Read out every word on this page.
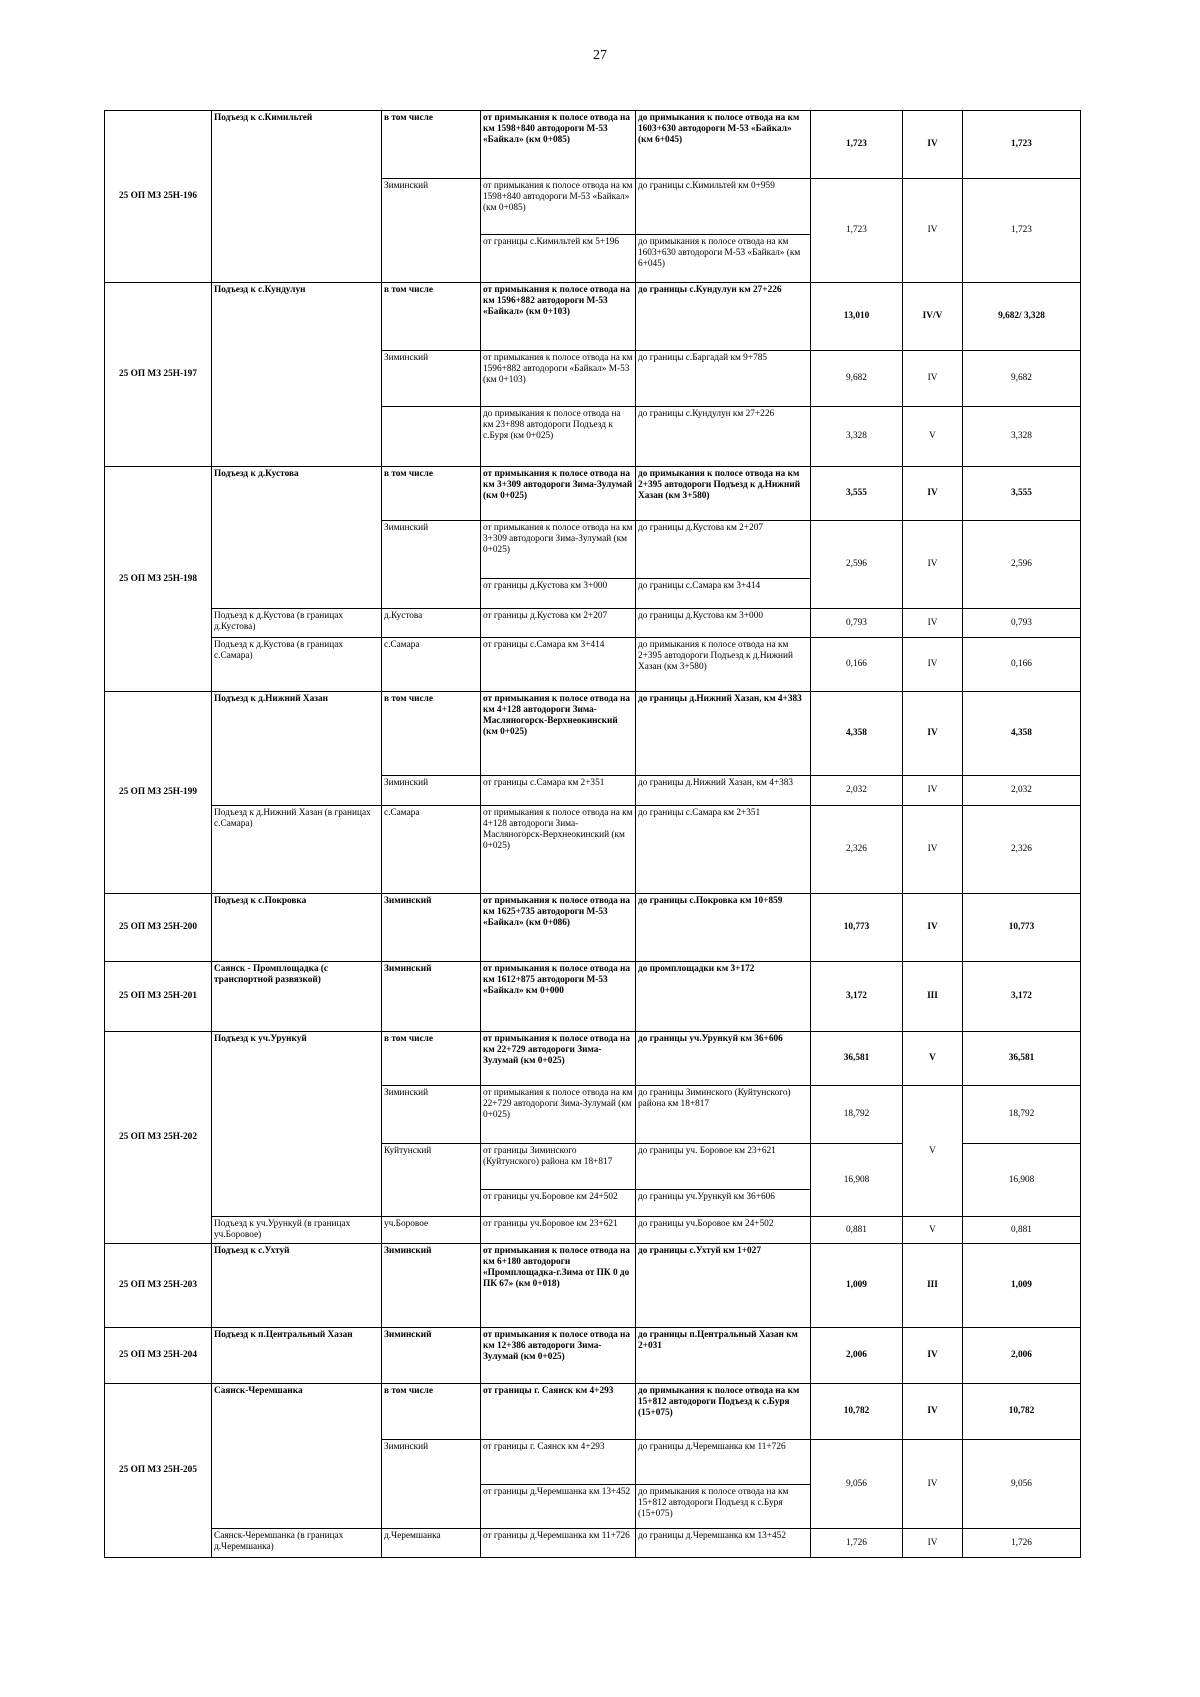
27
25 ОП МЗ 25Н-196	Подъезд к с.Кимильтей	в том числе	от примыкания к полосе отвода на км 1598+840 автодороги М-53 «Байкал» (км 0+085)	до примыкания к полосе отвода на км 1603+630 автодороги М-53 «Байкал» (км 6+045)	1,723	IV	1,723
		Зиминский	от примыкания к полосе отвода на км 1598+840 автодороги М-53 «Байкал» (км 0+085)	до границы с.Кимильтей км 0+959	1,723	IV	1,723
			от границы с.Кимильтей км 5+196	до примыкания к полосе отвода на км 1603+630 автодороги М-53 «Байкал» (км 6+045)			
25 ОП МЗ 25Н-197	Подъезд к с.Кундулун	в том числе	от примыкания к полосе отвода на км 1596+882 автодороги М-53 «Байкал» (км 0+103)	до границы с.Кундулун км 27+226	13,010	IV/V	9,682/ 3,328
		Зиминский	от примыкания к полосе отвода на км 1596+882 автодороги «Байкал» М-53 (км 0+103)	до границы с.Баргадай км 9+785	9,682	IV	9,682
			до примыкания к полосе отвода на км 23+898 автодороги Подъезд к с.Буря (км 0+025)	до границы с.Кундулун км 27+226	3,328	V	3,328
25 ОП МЗ 25Н-198	Подъезд к д.Кустова	в том числе	от примыкания к полосе отвода на км 3+309 автодороги Зима-Зулумай (км 0+025)	до примыкания к полосе отвода на км 2+395 автодороги Подъезд к д.Нижний Хазан (км 3+580)	3,555	IV	3,555
		Зиминский	от примыкания к полосе отвода на км 3+309 автодороги Зима-Зулумай (км 0+025)	до границы д.Кустова км 2+207	2,596	IV	2,596
			от границы д.Кустова км 3+000	до границы с.Самара км 3+414			
	Подъезд к д.Кустова (в границах д.Кустова)	д.Кустова	от границы д.Кустова км 2+207	до границы д.Кустова км 3+000	0,793	IV	0,793
	Подъезд к д.Кустова (в границах с.Самара)	с.Самара	от границы с.Самара км 3+414	до примыкания к полосе отвода на км 2+395 автодороги Подъезд к д.Нижний Хазан (км 3+580)	0,166	IV	0,166
25 ОП МЗ 25Н-199	Подъезд к д.Нижний Хазан	в том числе	от примыкания к полосе отвода на км 4+128 автодороги Зима-Масляногорск-Верхнеокинский (км 0+025)	до границы д.Нижний Хазан, км 4+383	4,358	IV	4,358
		Зиминский	от границы с.Самара км 2+351	до границы д.Нижний Хазан, км 4+383	2,032	IV	2,032
	Подъезд к д.Нижний Хазан (в границах с.Самара)	с.Самара	от примыкания к полосе отвода на км 4+128 автодороги Зима-Масляногорск-Верхнеокинский (км 0+025)	до границы с.Самара км 2+351	2,326	IV	2,326
25 ОП МЗ 25Н-200	Подъезд к с.Покровка	Зиминский	от примыкания к полосе отвода на км 1625+735 автодороги М-53 «Байкал» (км 0+086)	до границы с.Покровка км 10+859	10,773	IV	10,773
25 ОП МЗ 25Н-201	Саянск - Промплощадка (с транспортной развязкой)	Зиминский	от примыкания к полосе отвода на км 1612+875 автодороги М-53 «Байкал» км 0+000	до промплощадки км 3+172	3,172	III	3,172
25 ОП МЗ 25Н-202	Подъезд к уч.Урункуй	в том числе	от примыкания к полосе отвода на км 22+729 автодороги Зима-Зулумай (км 0+025)	до границы уч.Урункуй км 36+606	36,581	V	36,581
		Зиминский	от примыкания к полосе отвода на км 22+729 автодороги Зима-Зулумай (км 0+025)	до границы Зиминского (Куйтунского) района км 18+817	18,792	V	18,792
		Куйтунский	от границы Зиминского (Куйтунского) района км 18+817	до границы уч. Боровое км 23+621	16,908		16,908
			от границы уч.Боровое км 24+502	до границы уч.Урункуй км 36+606			
	Подъезд к уч.Урункуй (в границах уч.Боровое)	уч.Боровое	от границы уч.Боровое км 23+621	до границы уч.Боровое км 24+502	0,881	V	0,881
25 ОП МЗ 25Н-203	Подъезд к с.Ухтуй	Зиминский	от примыкания к полосе отвода на км 6+180 автодороги «Промплощадка-г.Зима от ПК 0 до ПК 67» (км 0+018)	до границы с.Ухтуй км 1+027	1,009	III	1,009
25 ОП МЗ 25Н-204	Подъезд к п.Центральный Хазан	Зиминский	от примыкания к полосе отвода на км 12+386 автодороги Зима-Зулумай (км 0+025)	до границы п.Центральный Хазан км 2+031	2,006	IV	2,006
25 ОП МЗ 25Н-205	Саянск-Черемшанка	в том числе	от границы г. Саянск км 4+293	до примыкания к полосе отвода на км 15+812 автодороги Подъезд к с.Буря (15+075)	10,782	IV	10,782
		Зиминский	от границы г. Саянск км 4+293	до границы д.Черемшанка км 11+726	9,056	IV	9,056
			от границы д.Черемшанка км 13+452	до примыкания к полосе отвода на км 15+812 автодороги Подъезд к с.Буря (15+075)			
	Саянск-Черемшанка (в границах д.Черемшанка)	д.Черемшанка	от границы д.Черемшанка км 11+726	до границы д.Черемшанка км 13+452	1,726	IV	1,726
